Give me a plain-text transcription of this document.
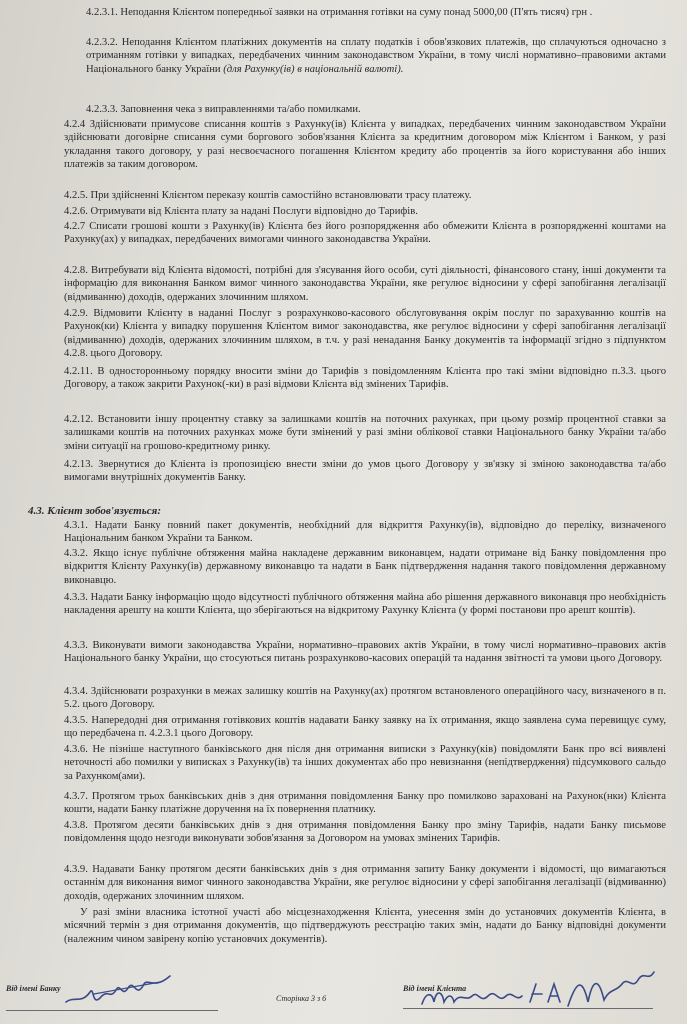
4.2.3.1. Неподання Клієнтом попередньої заявки на отримання готівки на суму понад 5000,00 (П'ять тисяч) грн .

4.2.3.2. Неподання Клієнтом платіжних документів на сплату податків і обов'язкових платежів, що сплачуються одночасно з отриманням готівки у випадках, передбачених чинним законодавством України, в тому числі нормативно–правовими актами Національного банку України (для Рахунку(ів) в національній валюті).

4.2.3.3. Заповнення чека з виправленнями та/або помилками.

4.2.4 Здійснювати примусове списання коштів з Рахунку(ів) Клієнта у випадках, передбачених чинним законодавством України здійснювати договірне списання суми боргового зобов'язання Клієнта за кредитним договором між Клієнтом і Банком, у разі укладання такого договору, у разі несвоєчасного погашення Клієнтом кредиту або процентів за його користування або інших платежів за таким договором.

4.2.5. При здійсненні Клієнтом переказу коштів самостійно встановлювати трасу платежу.

4.2.6. Отримувати від Клієнта плату за надані Послуги відповідно до Тарифів.

4.2.7 Списати грошові кошти з Рахунку(ів) Клієнта без його розпорядження або обмежити Клієнта в розпорядженні коштами на Рахунку(ах) у випадках, передбачених вимогами чинного законодавства України.

4.2.8. Витребувати від Клієнта відомості, потрібні для з'ясування його особи, суті діяльності, фінансового стану, інші документи та інформацію для виконання Банком вимог чинного законодавства України, яке регулює відносини у сфері запобігання легалізації (відмиванню) доходів, одержаних злочинним шляхом.

4.2.9. Відмовити Клієнту в наданні Послуг з розрахунково-касового обслуговування окрім послуг по зарахуванню коштів на Рахунок(ки) Клієнта у випадку порушення Клієнтом вимог законодавства, яке регулює відносини у сфері запобігання легалізації (відмиванню) доходів, одержаних злочинним шляхом, в т.ч. у разі ненадання Банку документів та інформації згідно з підпунктом 4.2.8. цього Договору.

4.2.11. В односторонньому порядку вносити зміни до Тарифів з повідомленням Клієнта про такі зміни відповідно п.3.3. цього Договору, а також закрити Рахунок(-ки) в разі відмови Клієнта від змінених Тарифів.

4.2.12. Встановити іншу процентну ставку за залишками коштів на поточних рахунках, при цьому розмір процентної ставки за залишками коштів на поточних рахунках може бути змінений у разі зміни облікової ставки Національного банку України та/або зміни ситуації на грошово-кредитному ринку.

4.2.13. Звернутися до Клієнта із пропозицією внести зміни до умов цього Договору у зв'язку зі зміною законодавства та/або вимогами внутрішніх документів Банку.

4.3. Клієнт зобов'язується:

4.3.1. Надати Банку повний пакет документів, необхідний для відкриття Рахунку(ів), відповідно до переліку, визначеного Національним банком України та Банком.

4.3.2. Якщо існує публічне обтяження майна накладене державним виконавцем, надати отримане від Банку повідомлення про відкриття Клієнту Рахунку(ів) державному виконавцю та надати в Банк підтвердження надання такого повідомлення державному виконавцю.

4.3.3. Надати Банку інформацію щодо відсутності публічного обтяження майна або рішення державного виконавця про необхідність накладення арешту на кошти Клієнта, що зберігаються на відкритому Рахунку Клієнта (у формі постанови про арешт коштів).

4.3.3. Виконувати вимоги законодавства України, нормативно–правових актів України, в тому числі нормативно–правових актів Національного банку України, що стосуються питань розрахунково-касових операцій та надання звітності та умови цього Договору.

4.3.4. Здійснювати розрахунки в межах залишку коштів на Рахунку(ах) протягом встановленого операційного часу, визначеного в п. 5.2. цього Договору.

4.3.5. Напередодні дня отримання готівкових коштів надавати Банку заявку на їх отримання, якщо заявлена сума перевищує суму, що передбачена п. 4.2.3.1 цього Договору.

4.3.6. Не пізніше наступного банківського дня після дня отримання виписки з Рахунку(ків) повідомляти Банк про всі виявлені неточності або помилки у виписках з Рахунку(ів) та інших документах або про невизнання (непідтвердження) підсумкового сальдо за Рахунком(ами).

4.3.7. Протягом трьох банківських днів з дня отримання повідомлення Банку про помилково зараховані на Рахунок(нки) Клієнта кошти, надати Банку платіжне доручення на їх повернення платнику.

4.3.8. Протягом десяти банківських днів з дня отримання повідомлення Банку про зміну Тарифів, надати Банку письмове повідомлення щодо незгоди виконувати зобов'язання за Договором на умовах змінених Тарифів.

4.3.9. Надавати Банку протягом десяти банківських днів з дня отримання запиту Банку документи і відомості, що вимагаються останнім для виконання вимог чинного законодавства України, яке регулює відносини у сфері запобігання легалізації (відмиванню) доходів, одержаних злочинним шляхом.

У разі зміни власника істотної участі або місцезнаходження Клієнта, унесення змін до установчих документів Клієнта, в місячний термін з дня отримання документів, що підтверджують реєстрацію таких змін, надати до Банку відповідні документи (належним чином завірену копію установчих документів).

Від імені Банку
Сторінка 3 з 6
Від імені Клієнта
